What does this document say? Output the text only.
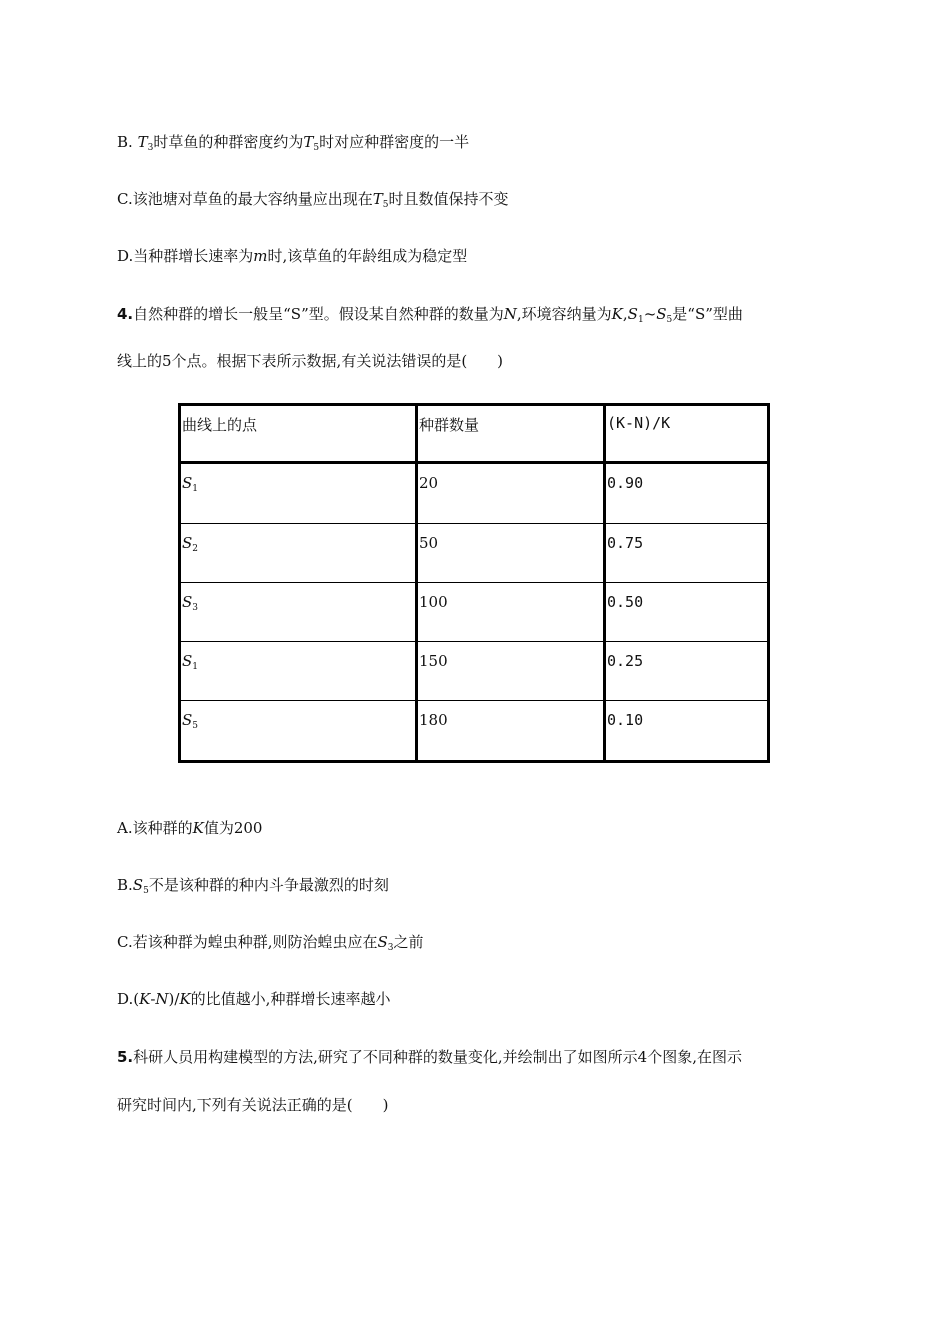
B. $T_3$时草鱼的种群密度约为$T_5$时对应种群密度的一半
C.该池塘对草鱼的最大容纳量应出现在$T_5$时且数值保持不变
D.当种群增长速率为m时,该草鱼的年龄组成为稳定型
4.自然种群的增长一般呈“S”型。假设某自然种群的数量为N,环境容纳量为$K,S_1\sim S_5$是“S”型曲
线上的5个点。根据下表所示数据,有关说法错误的是(　　)
曲线上的点	种群数量	(K-N)/K
$S_1$	20	0.90
$S_2$	50	0.75
$S_3$	100	0.50
$S_1$	150	0.25
$S_5$	180	0.10
A.该种群的K值为200
$B.S_5$不是该种群的种内斗争最激烈的时刻
C.若该种群为蝗虫种群,则防治蝗虫应在$S_3$之前
D.(K-N)/K的比值越小,种群增长速率越小
5.科研人员用构建模型的方法,研究了不同种群的数量变化,并绘制出了如图所示4个图象,在图示
研究时间内,下列有关说法正确的是(　　)
